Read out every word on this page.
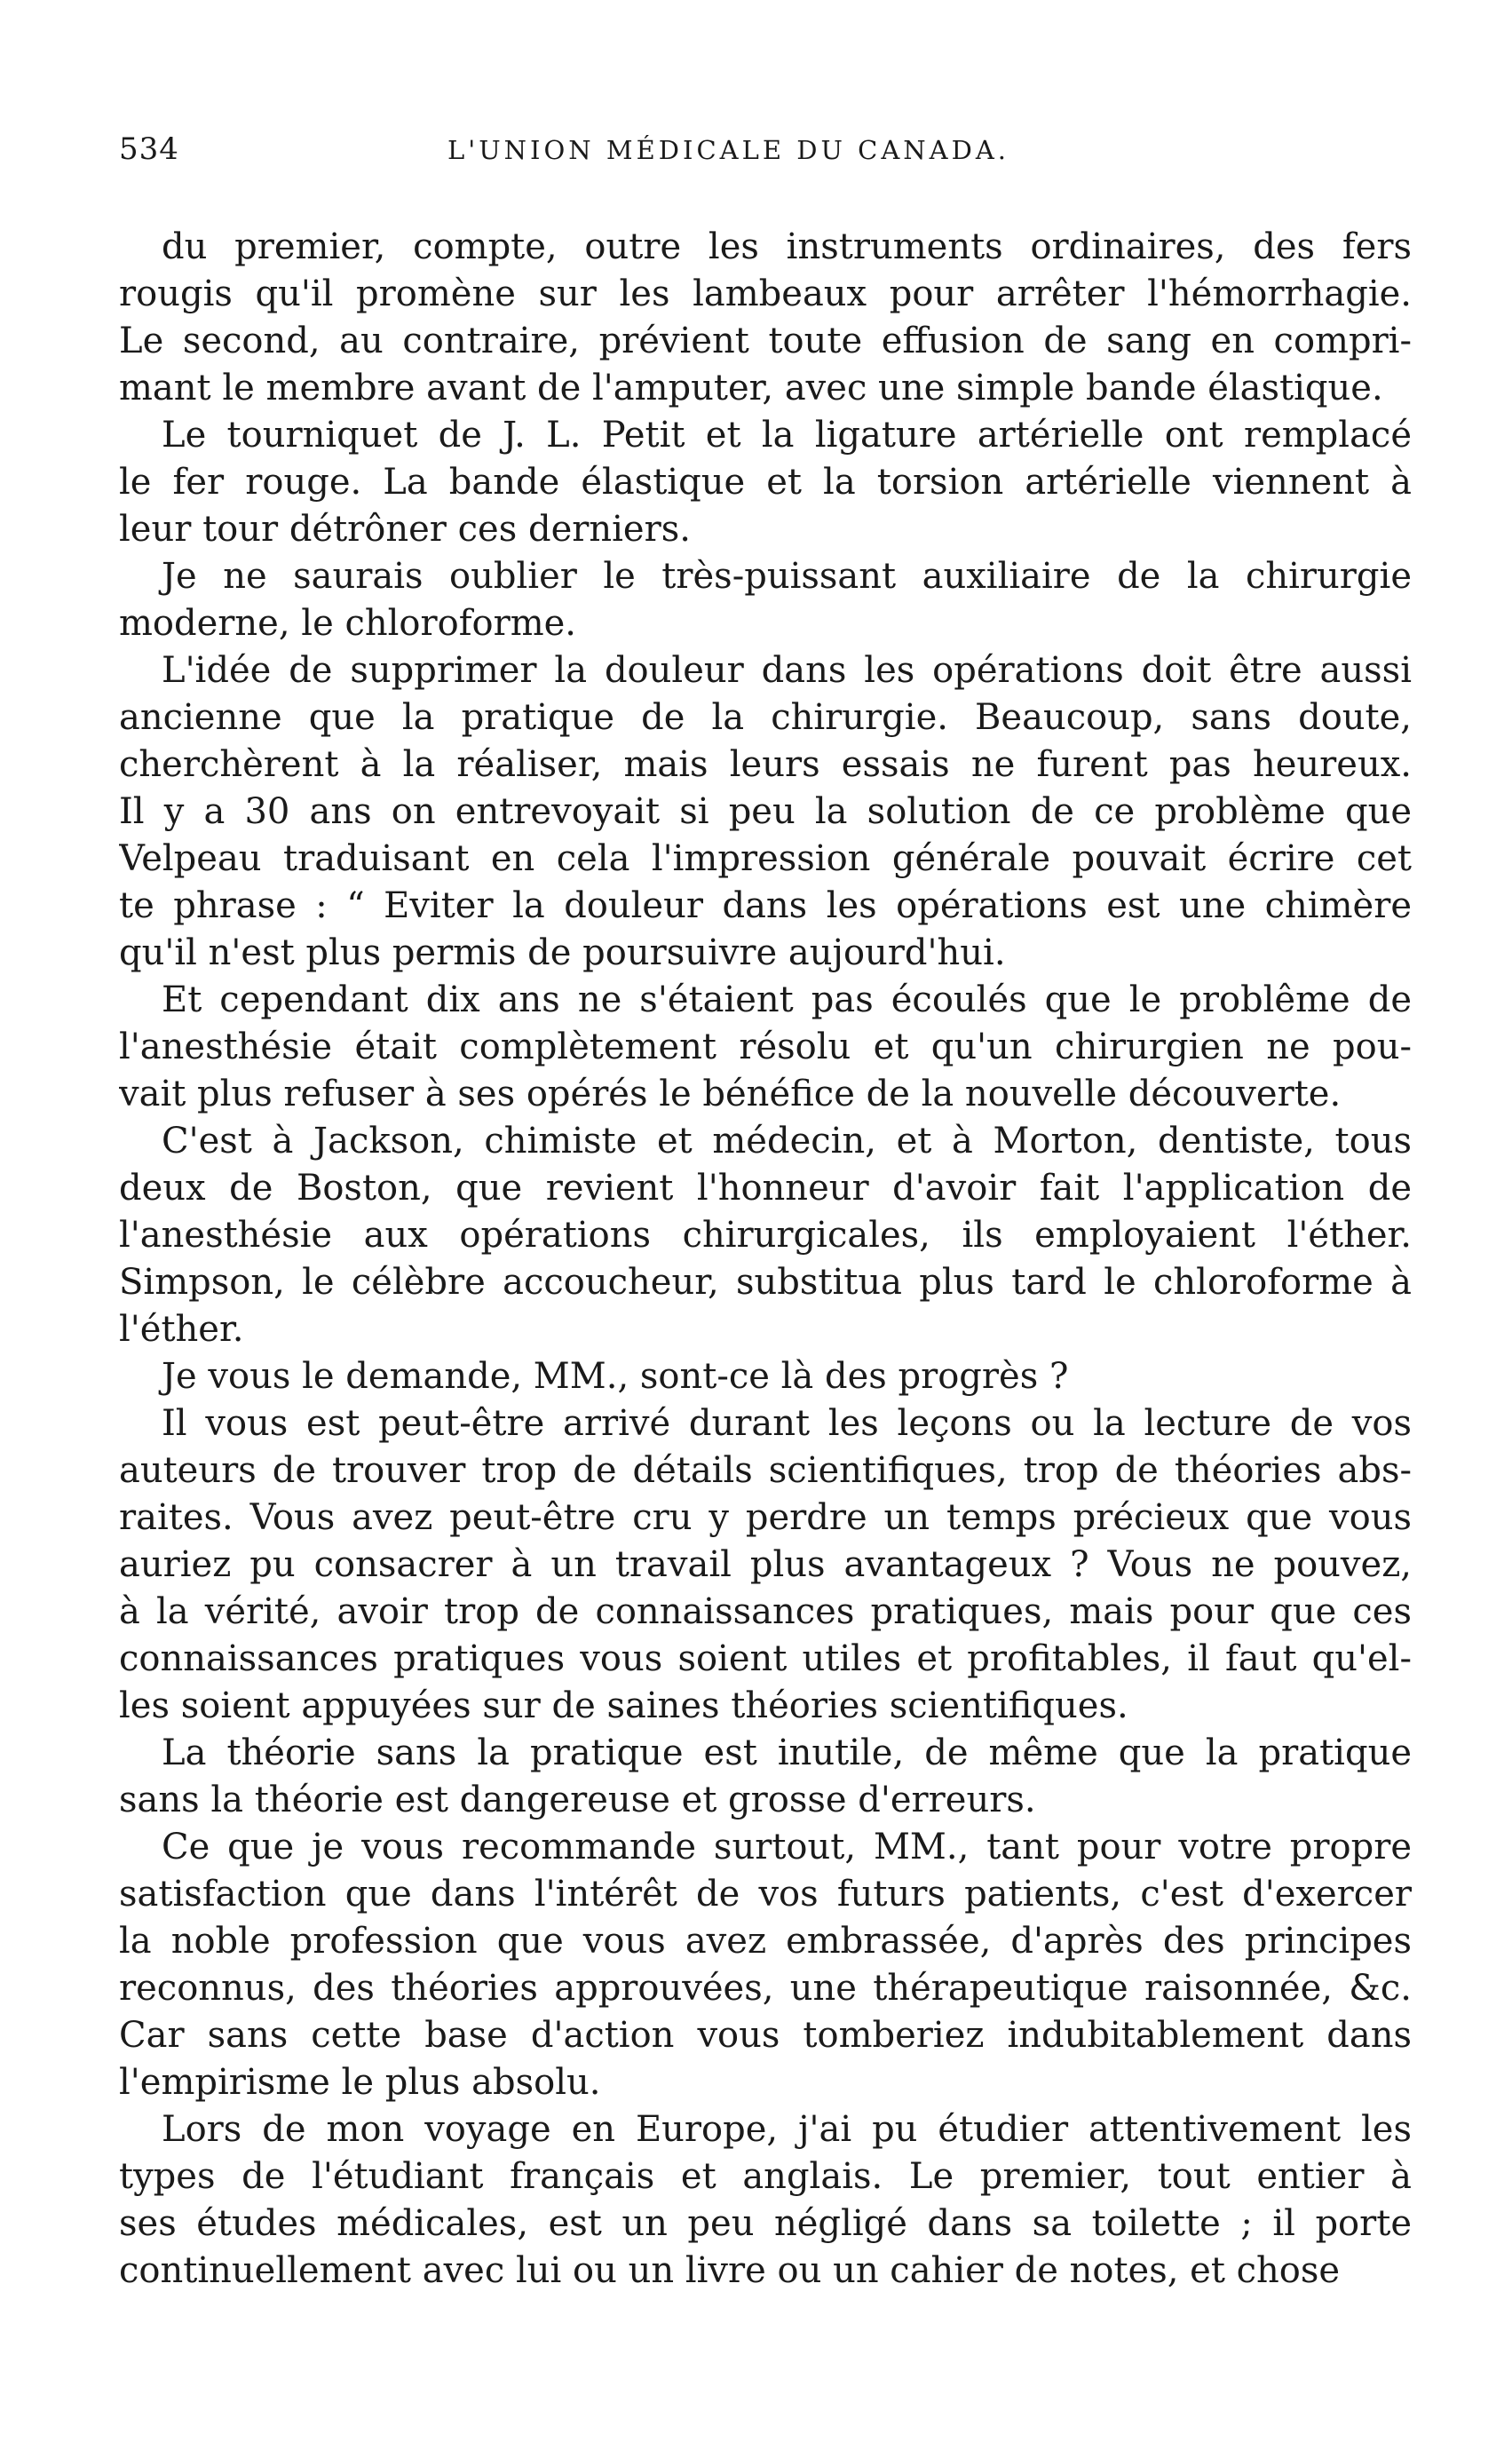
534	L'UNION MÉDICALE DU CANADA.
du premier, compte, outre les instruments ordinaires, des fers
rougis qu'il promène sur les lambeaux pour arrêter l'hémorrhagie.
Le second, au contraire, prévient toute effusion de sang en compri-
mant le membre avant de l'amputer, avec une simple bande élastique.
Le tourniquet de J. L. Petit et la ligature artérielle ont remplacé
le fer rouge. La bande élastique et la torsion artérielle viennent à
leur tour détrôner ces derniers.
Je ne saurais oublier le très-puissant auxiliaire de la chirurgie
moderne, le chloroforme.
L'idée de supprimer la douleur dans les opérations doit être aussi
ancienne que la pratique de la chirurgie. Beaucoup, sans doute,
cherchèrent à la réaliser, mais leurs essais ne furent pas heureux.
Il y a 30 ans on entrevoyait si peu la solution de ce problème que
Velpeau traduisant en cela l'impression générale pouvait écrire cet
te phrase : “ Eviter la douleur dans les opérations est une chimère
qu'il n'est plus permis de poursuivre aujourd'hui.
Et cependant dix ans ne s'étaient pas écoulés que le problême de
l'anesthésie était complètement résolu et qu'un chirurgien ne pou-
vait plus refuser à ses opérés le bénéfice de la nouvelle découverte.
C'est à Jackson, chimiste et médecin, et à Morton, dentiste, tous
deux de Boston, que revient l'honneur d'avoir fait l'application de
l'anesthésie aux opérations chirurgicales, ils employaient l'éther.
Simpson, le célèbre accoucheur, substitua plus tard le chloroforme à
l'éther.
Je vous le demande, MM., sont-ce là des progrès ?
Il vous est peut-être arrivé durant les leçons ou la lecture de vos
auteurs de trouver trop de détails scientifiques, trop de théories abs-
raites. Vous avez peut-être cru y perdre un temps précieux que vous
auriez pu consacrer à un travail plus avantageux ? Vous ne pouvez,
à la vérité, avoir trop de connaissances pratiques, mais pour que ces
connaissances pratiques vous soient utiles et profitables, il faut qu'el-
les soient appuyées sur de saines théories scientifiques.
La théorie sans la pratique est inutile, de même que la pratique
sans la théorie est dangereuse et grosse d'erreurs.
Ce que je vous recommande surtout, MM., tant pour votre propre
satisfaction que dans l'intérêt de vos futurs patients, c'est d'exercer
la noble profession que vous avez embrassée, d'après des principes
reconnus, des théories approuvées, une thérapeutique raisonnée, &c.
Car sans cette base d'action vous tomberiez indubitablement dans
l'empirisme le plus absolu.
Lors de mon voyage en Europe, j'ai pu étudier attentivement les
types de l'étudiant français et anglais. Le premier, tout entier à
ses études médicales, est un peu négligé dans sa toilette ; il porte
continuellement avec lui ou un livre ou un cahier de notes, et chose
